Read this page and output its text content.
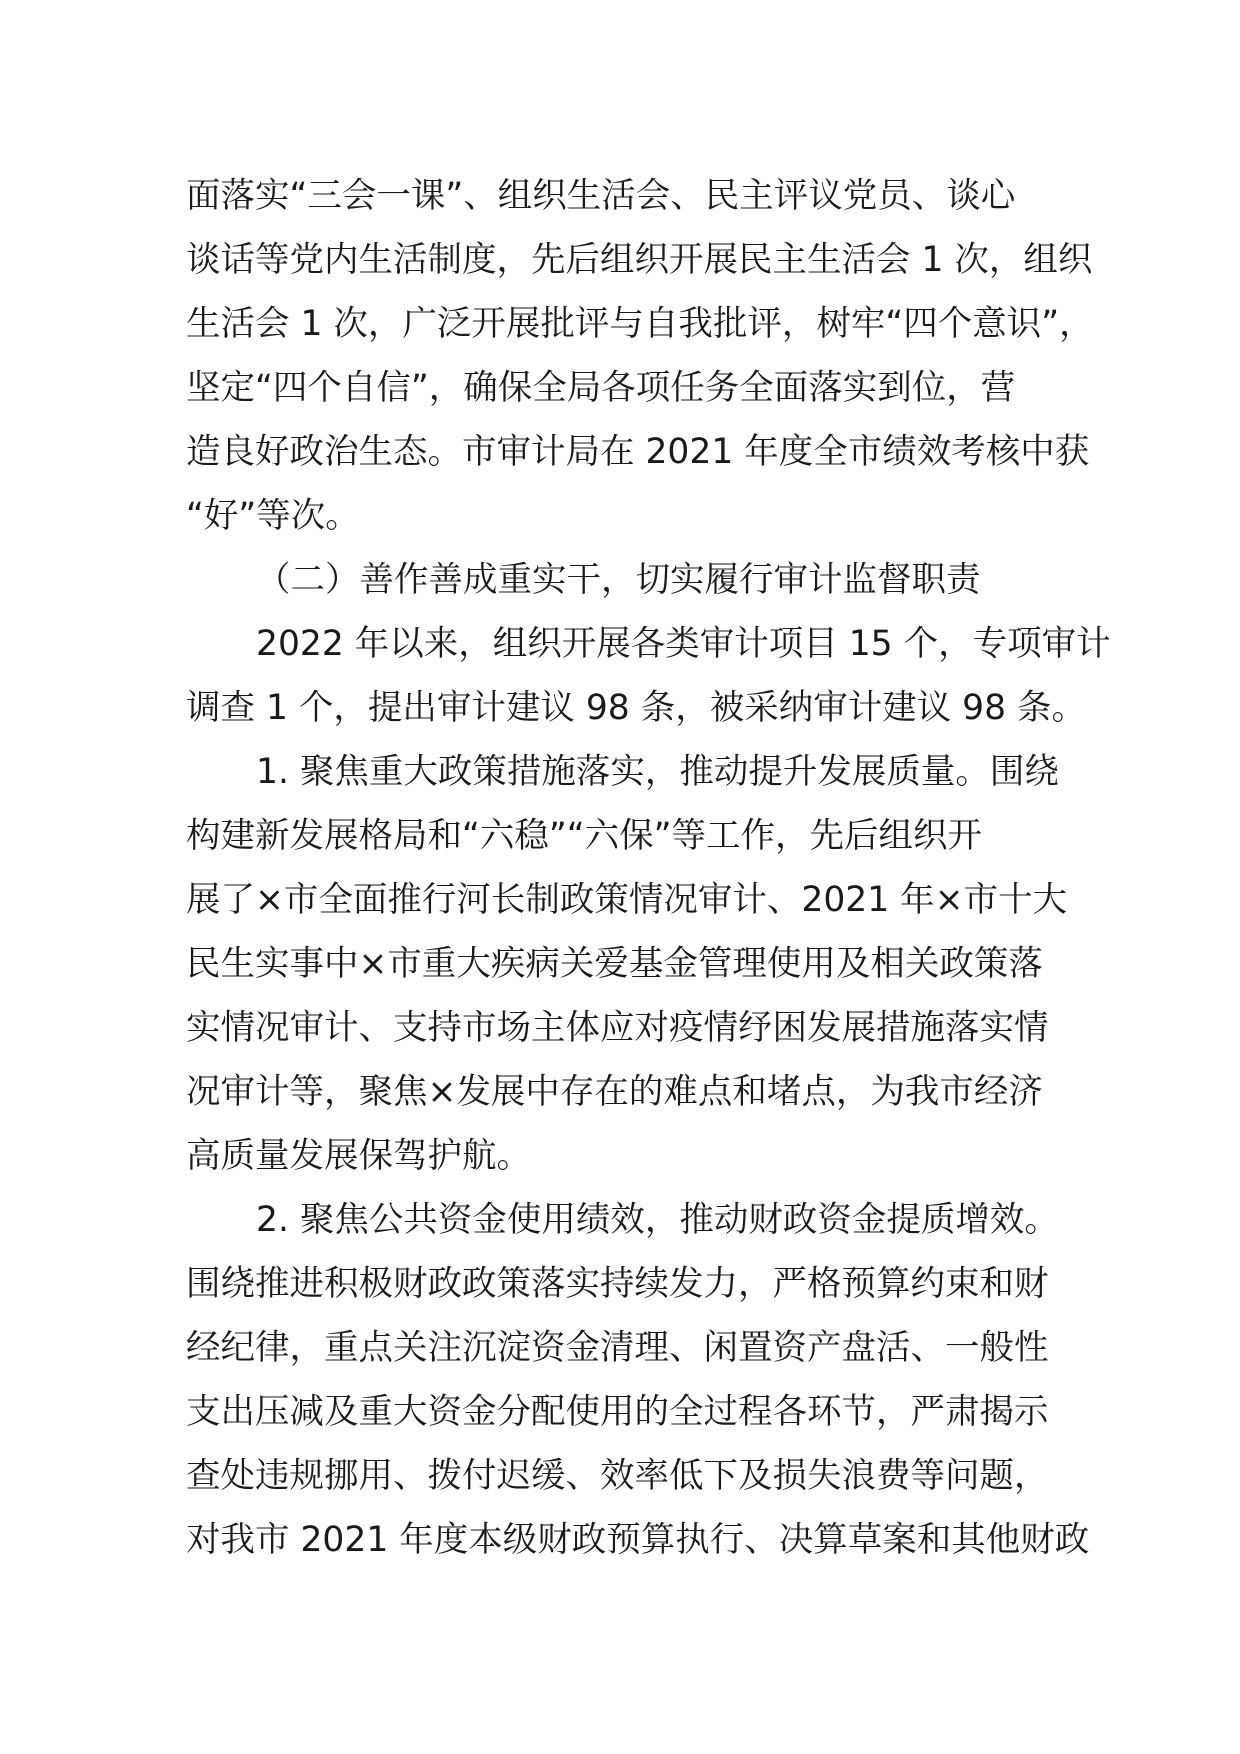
面落实“三会一课”、组织生活会、民主评议党员、谈心
谈话等党内生活制度，先后组织开展民主生活会 1 次，组织
生活会 1 次，广泛开展批评与自我批评，树牢“四个意识”，
坚定“四个自信”，确保全局各项任务全面落实到位，营
造良好政治生态。市审计局在 2021 年度全市绩效考核中获
“好”等次。
（二）善作善成重实干，切实履行审计监督职责
2022 年以来，组织开展各类审计项目 15 个，专项审计
调查 1 个，提出审计建议 98 条，被采纳审计建议 98 条。
1. 聚焦重大政策措施落实，推动提升发展质量。围绕
构建新发展格局和“六稳”“六保”等工作，先后组织开
展了×市全面推行河长制政策情况审计、2021 年×市十大
民生实事中×市重大疾病关爱基金管理使用及相关政策落
实情况审计、支持市场主体应对疫情纾困发展措施落实情
况审计等，聚焦×发展中存在的难点和堵点，为我市经济
高质量发展保驾护航。
2. 聚焦公共资金使用绩效，推动财政资金提质增效。
围绕推进积极财政政策落实持续发力，严格预算约束和财
经纪律，重点关注沉淀资金清理、闲置资产盘活、一般性
支出压减及重大资金分配使用的全过程各环节，严肃揭示
查处违规挪用、拨付迟缓、效率低下及损失浪费等问题，
对我市 2021 年度本级财政预算执行、决算草案和其他财政
